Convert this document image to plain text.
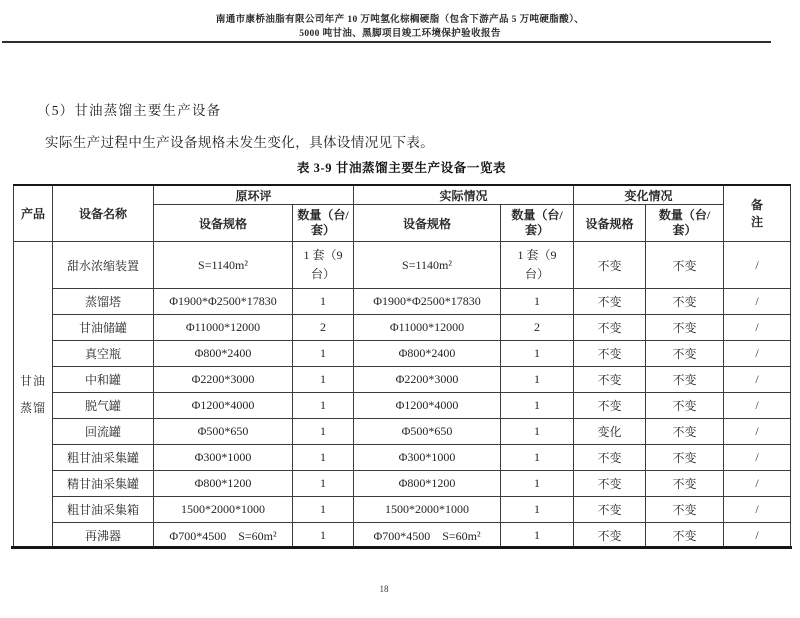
南通市康桥油脂有限公司年产 10 万吨氢化棕榈硬脂（包含下游产品 5 万吨硬脂酸）、
5000 吨甘油、黑脚项目竣工环境保护验收报告
（5）甘油蒸馏主要生产设备
实际生产过程中生产设备规格未发生变化，具体设情况见下表。
表 3-9 甘油蒸馏主要生产设备一览表
产品	设备名称	原环评		实际情况		变化情况		备注
		设备规格	数量（台/套）	设备规格	数量（台/套）	设备规格	数量（台/套）	

甘油
蒸馏	甜水浓缩装置	S=1140m²	1 套（9 台）	S=1140m²	1 套（9 台）	不变	不变	/
	蒸馏塔	Φ1900*Φ2500*17830	1	Φ1900*Φ2500*17830	1	不变	不变	/
	甘油储罐	Φ11000*12000	2	Φ11000*12000	2	不变	不变	/
	真空瓶	Φ800*2400	1	Φ800*2400	1	不变	不变	/
	中和罐	Φ2200*3000	1	Φ2200*3000	1	不变	不变	/
	脱气罐	Φ1200*4000	1	Φ1200*4000	1	不变	不变	/
	回流罐	Φ500*650	1	Φ500*650	1	变化	不变	/
	粗甘油采集罐	Φ300*1000	1	Φ300*1000	1	不变	不变	/
	精甘油采集罐	Φ800*1200	1	Φ800*1200	1	不变	不变	/
	粗甘油采集箱	1500*2000*1000	1	1500*2000*1000	1	不变	不变	/
	再沸器	Φ700*4500　S=60m²	1	Φ700*4500　S=60m²	1	不变	不变	/
18
